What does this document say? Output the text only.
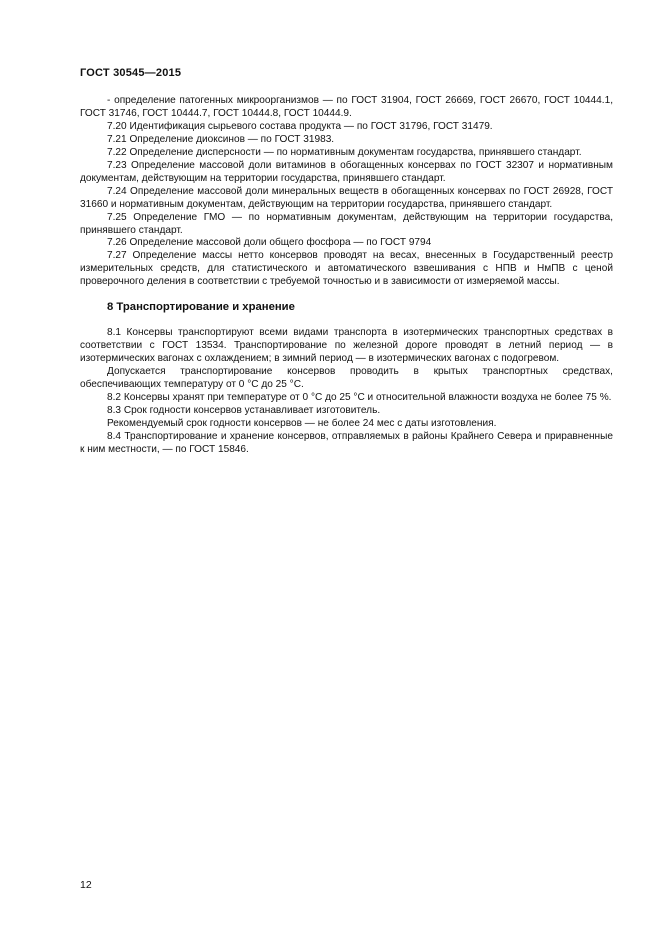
ГОСТ 30545—2015

- определение патогенных микроорганизмов — по ГОСТ 31904, ГОСТ 26669, ГОСТ 26670, ГОСТ 10444.1, ГОСТ 31746, ГОСТ 10444.7, ГОСТ 10444.8, ГОСТ 10444.9.

7.20 Идентификация сырьевого состава продукта — по ГОСТ 31796, ГОСТ 31479.

7.21 Определение диоксинов — по ГОСТ 31983.

7.22 Определение дисперсности — по нормативным документам государства, принявшего стандарт.

7.23 Определение массовой доли витаминов в обогащенных консервах по ГОСТ 32307 и нормативным документам, действующим на территории государства, принявшего стандарт.

7.24 Определение массовой доли минеральных веществ в обогащенных консервах по ГОСТ 26928, ГОСТ 31660 и нормативным документам, действующим на территории государства, принявшего стандарт.

7.25 Определение ГМО — по нормативным документам, действующим на территории государства, принявшего стандарт.

7.26 Определение массовой доли общего фосфора — по ГОСТ 9794

7.27 Определение массы нетто консервов проводят на весах, внесенных в Государственный реестр измерительных средств, для статистического и автоматического взвешивания с НПВ и НмПВ с ценой проверочного деления в соответствии с требуемой точностью и в зависимости от измеряемой массы.

8 Транспортирование и хранение

8.1 Консервы транспортируют всеми видами транспорта в изотермических транспортных средствах в соответствии с ГОСТ 13534. Транспортирование по железной дороге проводят в летний период — в изотермических вагонах с охлаждением; в зимний период — в изотермических вагонах с подогревом.

Допускается транспортирование консервов проводить в крытых транспортных средствах, обеспечивающих температуру от 0 °С до 25 °С.

8.2 Консервы хранят при температуре от 0 °С до 25 °С и относительной влажности воздуха не более 75 %.

8.3 Срок годности консервов устанавливает изготовитель.

Рекомендуемый срок годности консервов — не более 24 мес с даты изготовления.

8.4 Транспортирование и хранение консервов, отправляемых в районы Крайнего Севера и приравненные к ним местности, — по ГОСТ 15846.

12
